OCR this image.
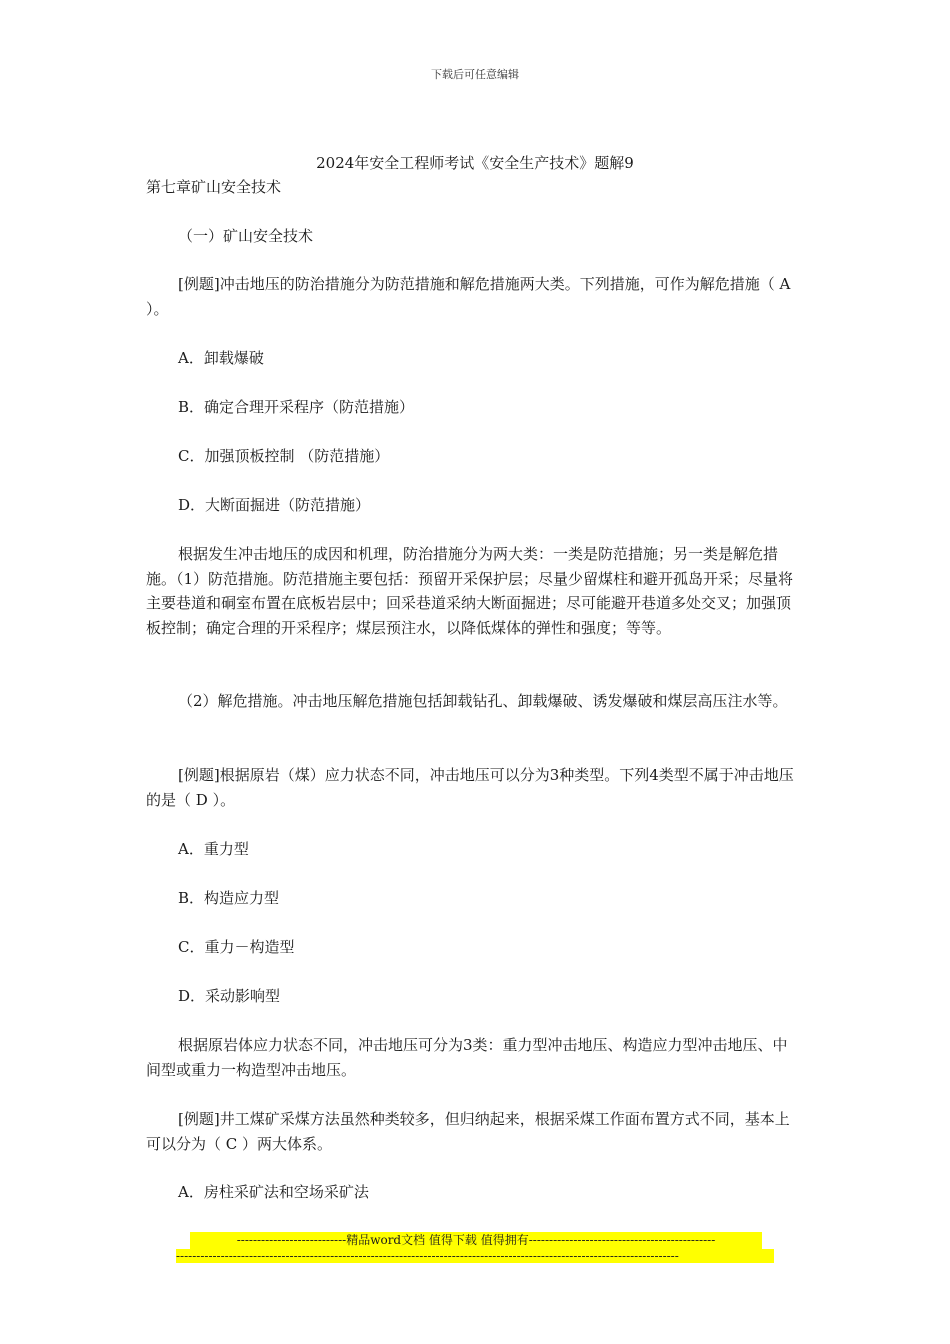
下载后可任意编辑
2024年安全工程师考试《安全生产技术》题解9

第七章矿山安全技术

（一）矿山安全技术

[例题]冲击地压的防治措施分为防范措施和解危措施两大类。下列措施，可作为解危措施（ A ）。

A．卸载爆破

B．确定合理开采程序（防范措施）

C．加强顶板控制 （防范措施）

D．大断面掘进（防范措施）

根据发生冲击地压的成因和机理，防治措施分为两大类：一类是防范措施；另一类是解危措施。（1）防范措施。防范措施主要包括：预留开采保护层；尽量少留煤柱和避开孤岛开采；尽量将主要巷道和硐室布置在底板岩层中；回采巷道采纳大断面掘进；尽可能避开巷道多处交叉；加强顶板控制；确定合理的开采程序；煤层预注水，以降低煤体的弹性和强度；等等。

（2）解危措施。冲击地压解危措施包括卸载钻孔、卸载爆破、诱发爆破和煤层高压注水等。

[例题]根据原岩（煤）应力状态不同，冲击地压可以分为3种类型。下列4类型不属于冲击地压的是（ D ）。

A．重力型

B．构造应力型

C．重力－构造型

D．采动影响型

根据原岩体应力状态不同，冲击地压可分为3类：重力型冲击地压、构造应力型冲击地压、中间型或重力一构造型冲击地压。

[例题]井工煤矿采煤方法虽然种类较多，但归纳起来，根据采煤工作面布置方式不同，基本上可以分为（ C ）两大体系。

A．房柱采矿法和空场采矿法

---------------------------精品word文档 值得下载 值得拥有----------------------------------------------
----------------------------------------------------------------------------------------------------------------------------
